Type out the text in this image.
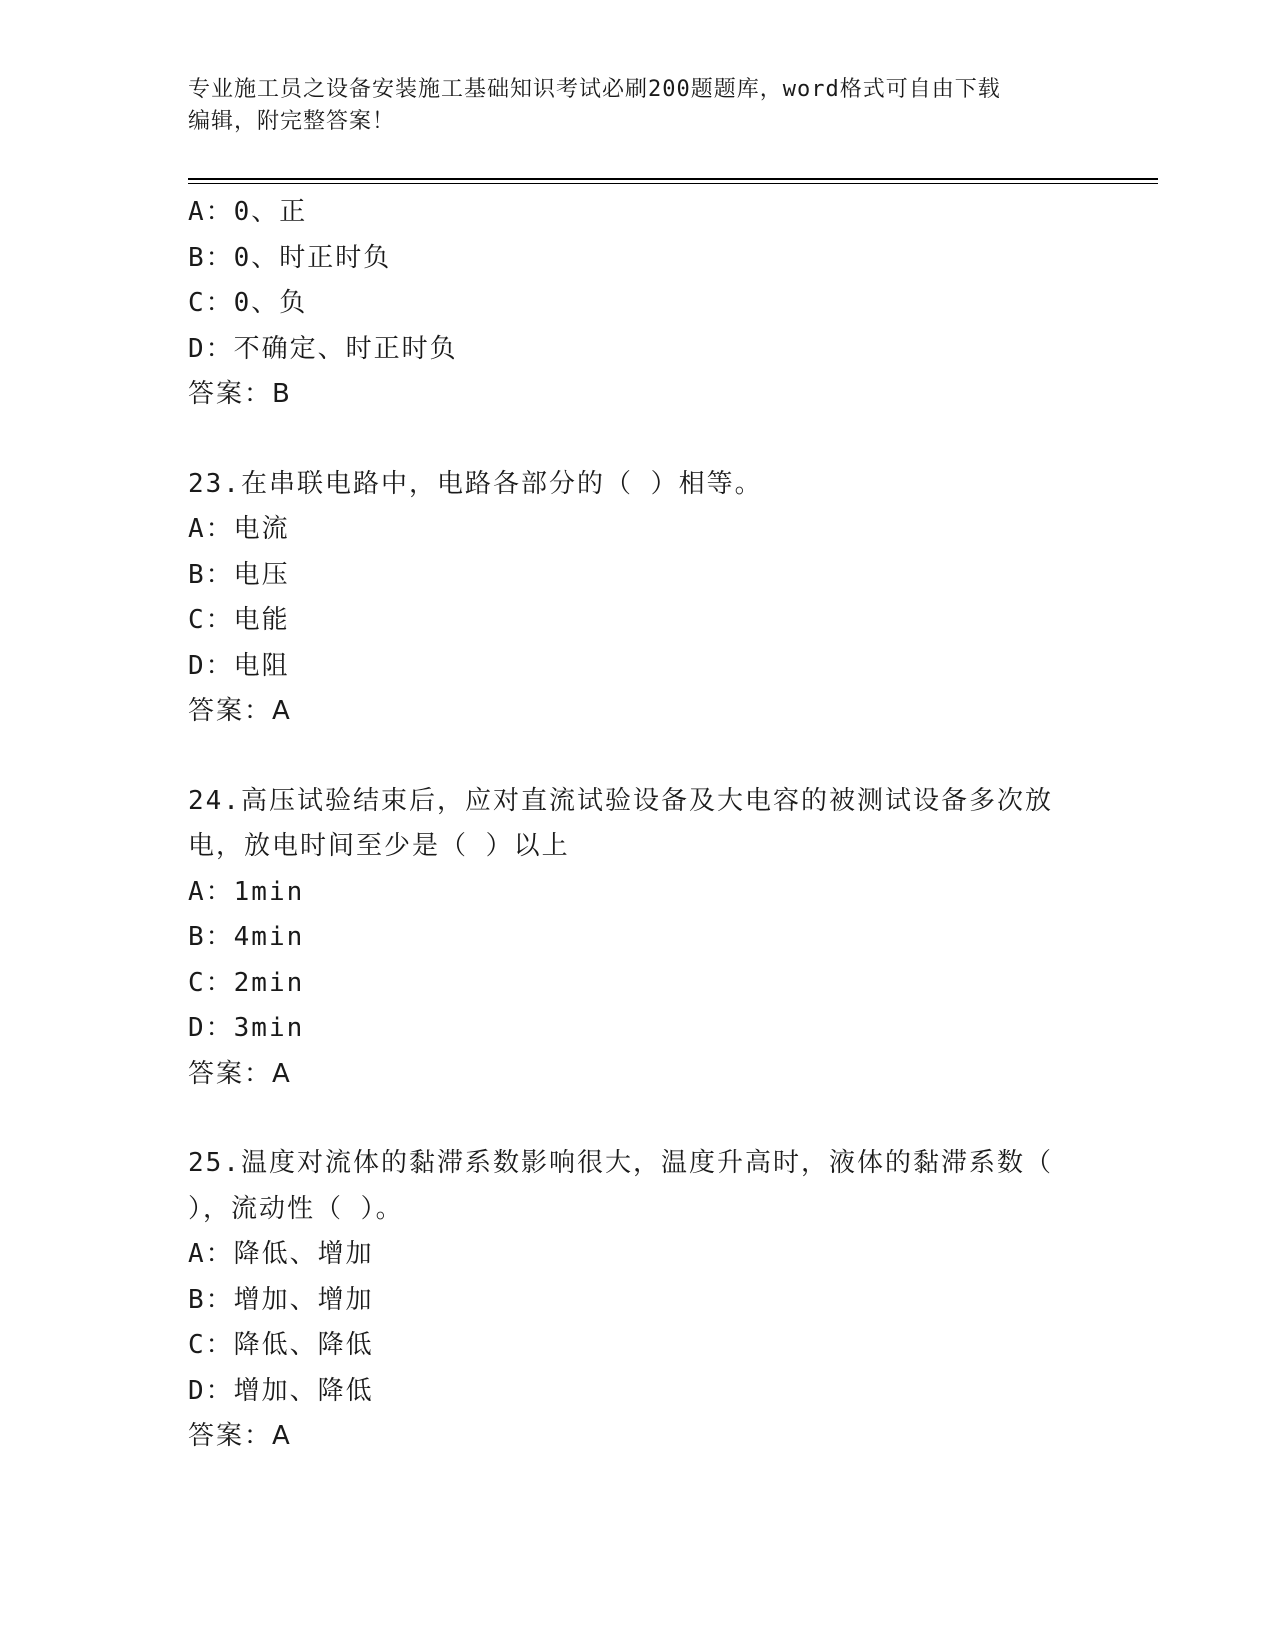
专业施工员之设备安装施工基础知识考试必刷200题题库，word格式可自由下载
编辑，附完整答案！
A：0、正
B：0、时正时负
C：0、负
D：不确定、时正时负
答案：B
23.在串联电路中，电路各部分的（ ）相等。
A：电流
B：电压
C：电能
D：电阻
答案：A
24.高压试验结束后，应对直流试验设备及大电容的被测试设备多次放
电，放电时间至少是（ ）以上
A：1min
B：4min
C：2min
D：3min
答案：A
25.温度对流体的黏滞系数影响很大，温度升高时，液体的黏滞系数（
），流动性（ ）。
A：降低、增加
B：增加、增加
C：降低、降低
D：增加、降低
答案：A
